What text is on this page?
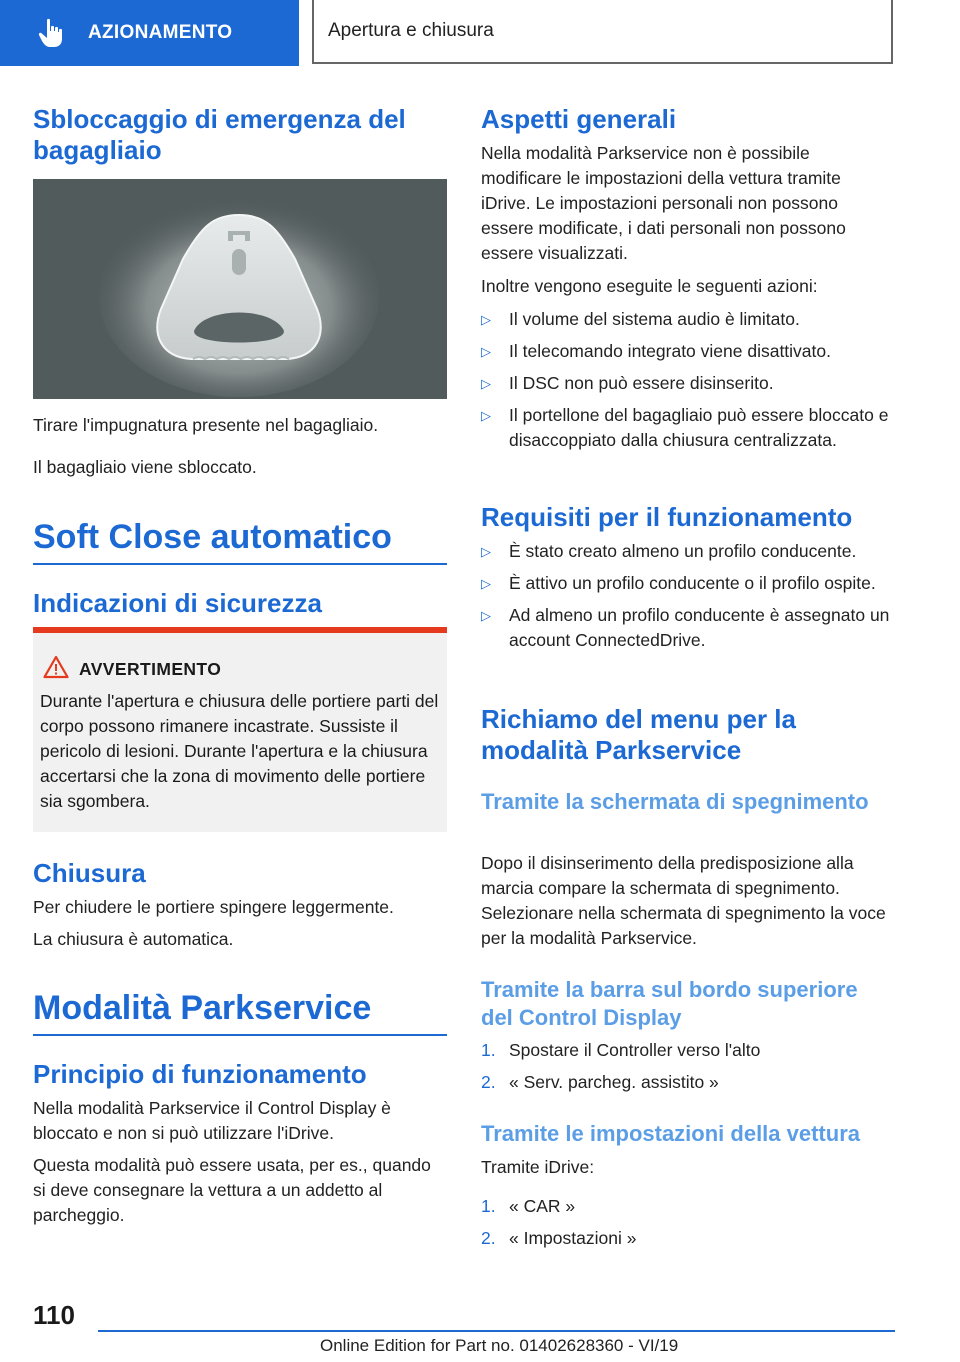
AZIONAMENTO	Apertura e chiusura
Sbloccaggio di emergenza del bagagliaio

Tirare l'impugnatura presente nel bagagliaio.

Il bagagliaio viene sbloccato.

Soft Close automatico
Indicazioni di sicurezza
AVVERTIMENTO
Durante l'apertura e chiusura delle portiere parti del corpo possono rimanere incastrate. Sussiste il pericolo di lesioni. Durante l'apertura e la chiusura accertarsi che la zona di movimento delle portiere sia sgombera.
Chiusura

Per chiudere le portiere spingere leggermente.

La chiusura è automatica.

Modalità Parkservice
Principio di funzionamento

Nella modalità Parkservice il Control Display è bloccato e non si può utilizzare l'iDrive.

Questa modalità può essere usata, per es., quando si deve consegnare la vettura a un addetto al parcheggio.

Aspetti generali

Nella modalità Parkservice non è possibile modificare le impostazioni della vettura tramite iDrive. Le impostazioni personali non possono essere modificate, i dati personali non possono essere visualizzati.

Inoltre vengono eseguite le seguenti azioni:

▷ Il volume del sistema audio è limitato.
▷ Il telecomando integrato viene disattivato.
▷ Il DSC non può essere disinserito.
▷ Il portellone del bagagliaio può essere bloccato e disaccoppiato dalla chiusura centralizzata.
Requisiti per il funzionamento
▷ È stato creato almeno un profilo conducente.
▷ È attivo un profilo conducente o il profilo ospite.
▷ Ad almeno un profilo conducente è assegnato un account ConnectedDrive.
Richiamo del menu per la modalità Parkservice
Tramite la schermata di spegnimento

Dopo il disinserimento della predisposizione alla marcia compare la schermata di spegnimento. Selezionare nella schermata di spegnimento la voce per la modalità Parkservice.

Tramite la barra sul bordo superiore del Control Display
1. Spostare il Controller verso l'alto
2. « Serv. parcheg. assistito »
Tramite le impostazioni della vettura

Tramite iDrive:

1. « CAR »
2. « Impostazioni »
110
Online Edition for Part no. 01402628360 - VI/19
